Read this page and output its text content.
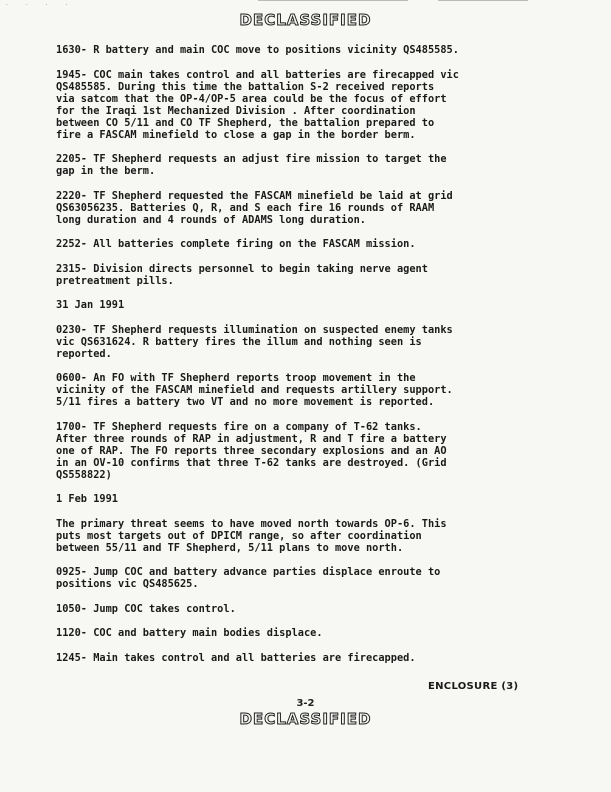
· · · ·
DECLASSIFIED

1630- R battery and main COC move to positions vicinity QS485585.

1945- COC main takes control and all batteries are firecapped vic
QS485585. During this time the battalion S-2 received reports
via satcom that the OP-4/OP-5 area could be the focus of effort
for the Iraqi 1st Mechanized Division . After coordination
between CO 5/11 and CO TF Shepherd, the battalion prepared to
fire a FASCAM minefield to close a gap in the border berm.

2205- TF Shepherd requests an adjust fire mission to target the
gap in the berm.

2220- TF Shepherd requested the FASCAM minefield be laid at grid
QS63056235. Batteries Q, R, and S each fire 16 rounds of RAAM
long duration and 4 rounds of ADAMS long duration.

2252- All batteries complete firing on the FASCAM mission.

2315- Division directs personnel to begin taking nerve agent
pretreatment pills.

31 Jan 1991

0230- TF Shepherd requests illumination on suspected enemy tanks
vic QS631624. R battery fires the illum and nothing seen is
reported.

0600- An FO with TF Shepherd reports troop movement in the
vicinity of the FASCAM minefield and requests artillery support.
5/11 fires a battery two VT and no more movement is reported.

1700- TF Shepherd requests fire on a company of T-62 tanks.
After three rounds of RAP in adjustment, R and T fire a battery
one of RAP. The FO reports three secondary explosions and an AO
in an OV-10 confirms that three T-62 tanks are destroyed. (Grid
QS558822)

1 Feb 1991

The primary threat seems to have moved north towards OP-6. This
puts most targets out of DPICM range, so after coordination
between 55/11 and TF Shepherd, 5/11 plans to move north.

0925- Jump COC and battery advance parties displace enroute to
positions vic QS485625.

1050- Jump COC takes control.

1120- COC and battery main bodies displace.

1245- Main takes control and all batteries are firecapped.

ENCLOSURE (3)
3-2
DECLASSIFIED
